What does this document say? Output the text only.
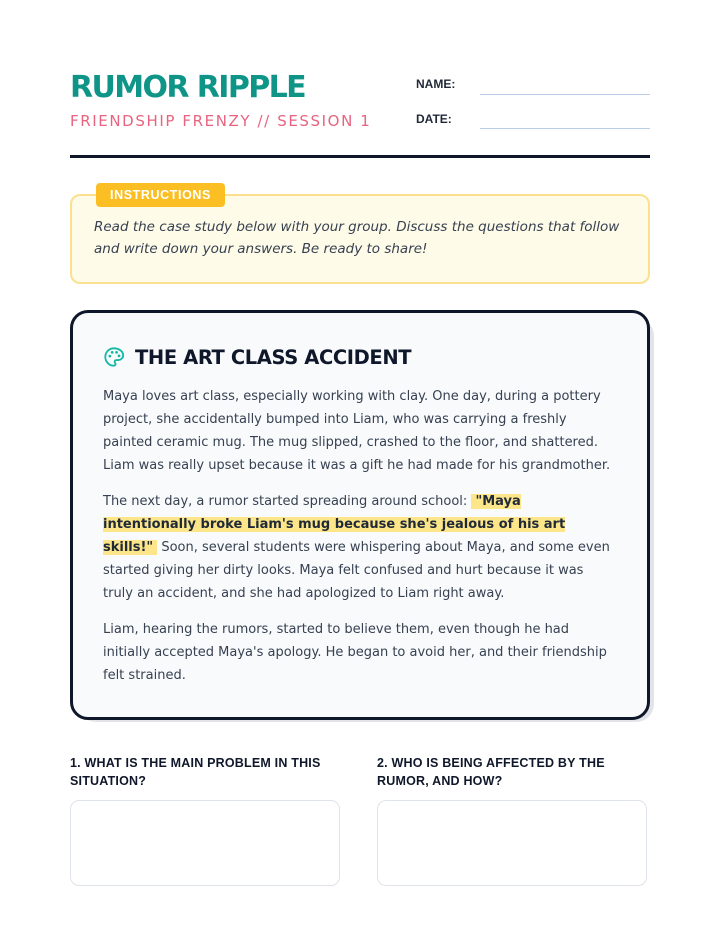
RUMOR RIPPLE

FRIENDSHIP FRENZY // SESSION 1

NAME:
DATE:
INSTRUCTIONS

Read the case study below with your group. Discuss the questions that follow and write down your answers. Be ready to share!

THE ART CLASS ACCIDENT

Maya loves art class, especially working with clay. One day, during a pottery project, she accidentally bumped into Liam, who was carrying a freshly painted ceramic mug. The mug slipped, crashed to the floor, and shattered. Liam was really upset because it was a gift he had made for his grandmother.

The next day, a rumor started spreading around school: "Maya intentionally broke Liam's mug because she's jealous of his art skills!" Soon, several students were whispering about Maya, and some even started giving her dirty looks. Maya felt confused and hurt because it was truly an accident, and she had apologized to Liam right away.

Liam, hearing the rumors, started to believe them, even though he had initially accepted Maya's apology. He began to avoid her, and their friendship felt strained.

1. WHAT IS THE MAIN PROBLEM IN THIS SITUATION?

2. WHO IS BEING AFFECTED BY THE RUMOR, AND HOW?
